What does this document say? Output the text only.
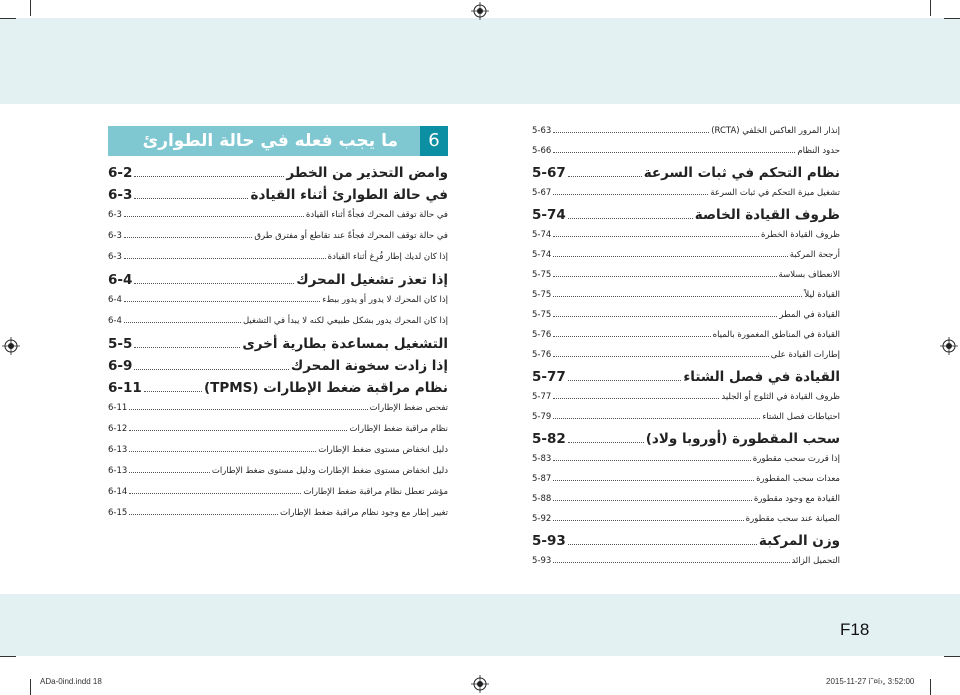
6
ما يجب فعله في حالة الطوارئ
وامض التحذير من الخطر
6-2
في حالة الطوارئ أثناء القيادة
6-3
في حالة توقف المحرك فجأةً أثناء القيادة
6-3
في حالة توقف المحرك فجأةً عند تقاطع أو مفترق طرق
6-3
إذا كان لديك إطار فُرِغ أثناء القيادة
6-3
إذا تعذر تشغيل المحرك
6-4
إذا كان المحرك لا يدور أو يدور ببطء
6-4
إذا كان المحرك يدور بشكل طبيعي لكنه لا يبدأ في التشغيل
6-4
التشغيل بمساعدة بطارية أخرى
5-5
إذا زادت سخونة المحرك
6-9
نظام مراقبة ضغط الإطارات (TPMS)
6-11
تفحص ضغط الإطارات
6-11
نظام مراقبة ضغط الإطارات
6-12
دليل انخفاض مستوى ضغط الإطارات
6-13
دليل انخفاض مستوى ضغط الإطارات ودليل مستوى ضغط الإطارات
6-13
مؤشر تعطل نظام مراقبة ضغط الإطارات
6-14
تغيير إطار مع وجود نظام مراقبة ضغط الإطارات
6-15
إنذار المرور العاكس الخلفي (RCTA)
5-63
حدود النظام
5-66
نظام التحكم في ثبات السرعة
5-67
تشغيل ميزة التحكم في ثبات السرعة
5-67
ظروف القيادة الخاصة
5-74
ظروف القيادة الخطرة
5-74
أرجحة المركبة
5-74
الانعطاف بسلاسة
5-75
القيادة ليلاً
5-75
القيادة في المطر
5-75
القيادة في المناطق المغمورة بالمياه
5-76
إطارات القيادة على
5-76
القيادة في فصل الشتاء
5-77
ظروف القيادة في الثلوج أو الجليد
5-77
احتياطات فصل الشتاء
5-79
سحب المقطورة (أوروبا ولاد)
5-82
إذا قررت سحب مقطورة
5-83
معدات سحب المقطورة
5-87
القيادة مع وجود مقطورة
5-88
الصيانة عند سحب مقطورة
5-92
وزن المركبة
5-93
التحميل الزائد
5-93
F18
ADa-0ind.indd 18	2015-11-27 ì˜¤í›„ 3:52:00
